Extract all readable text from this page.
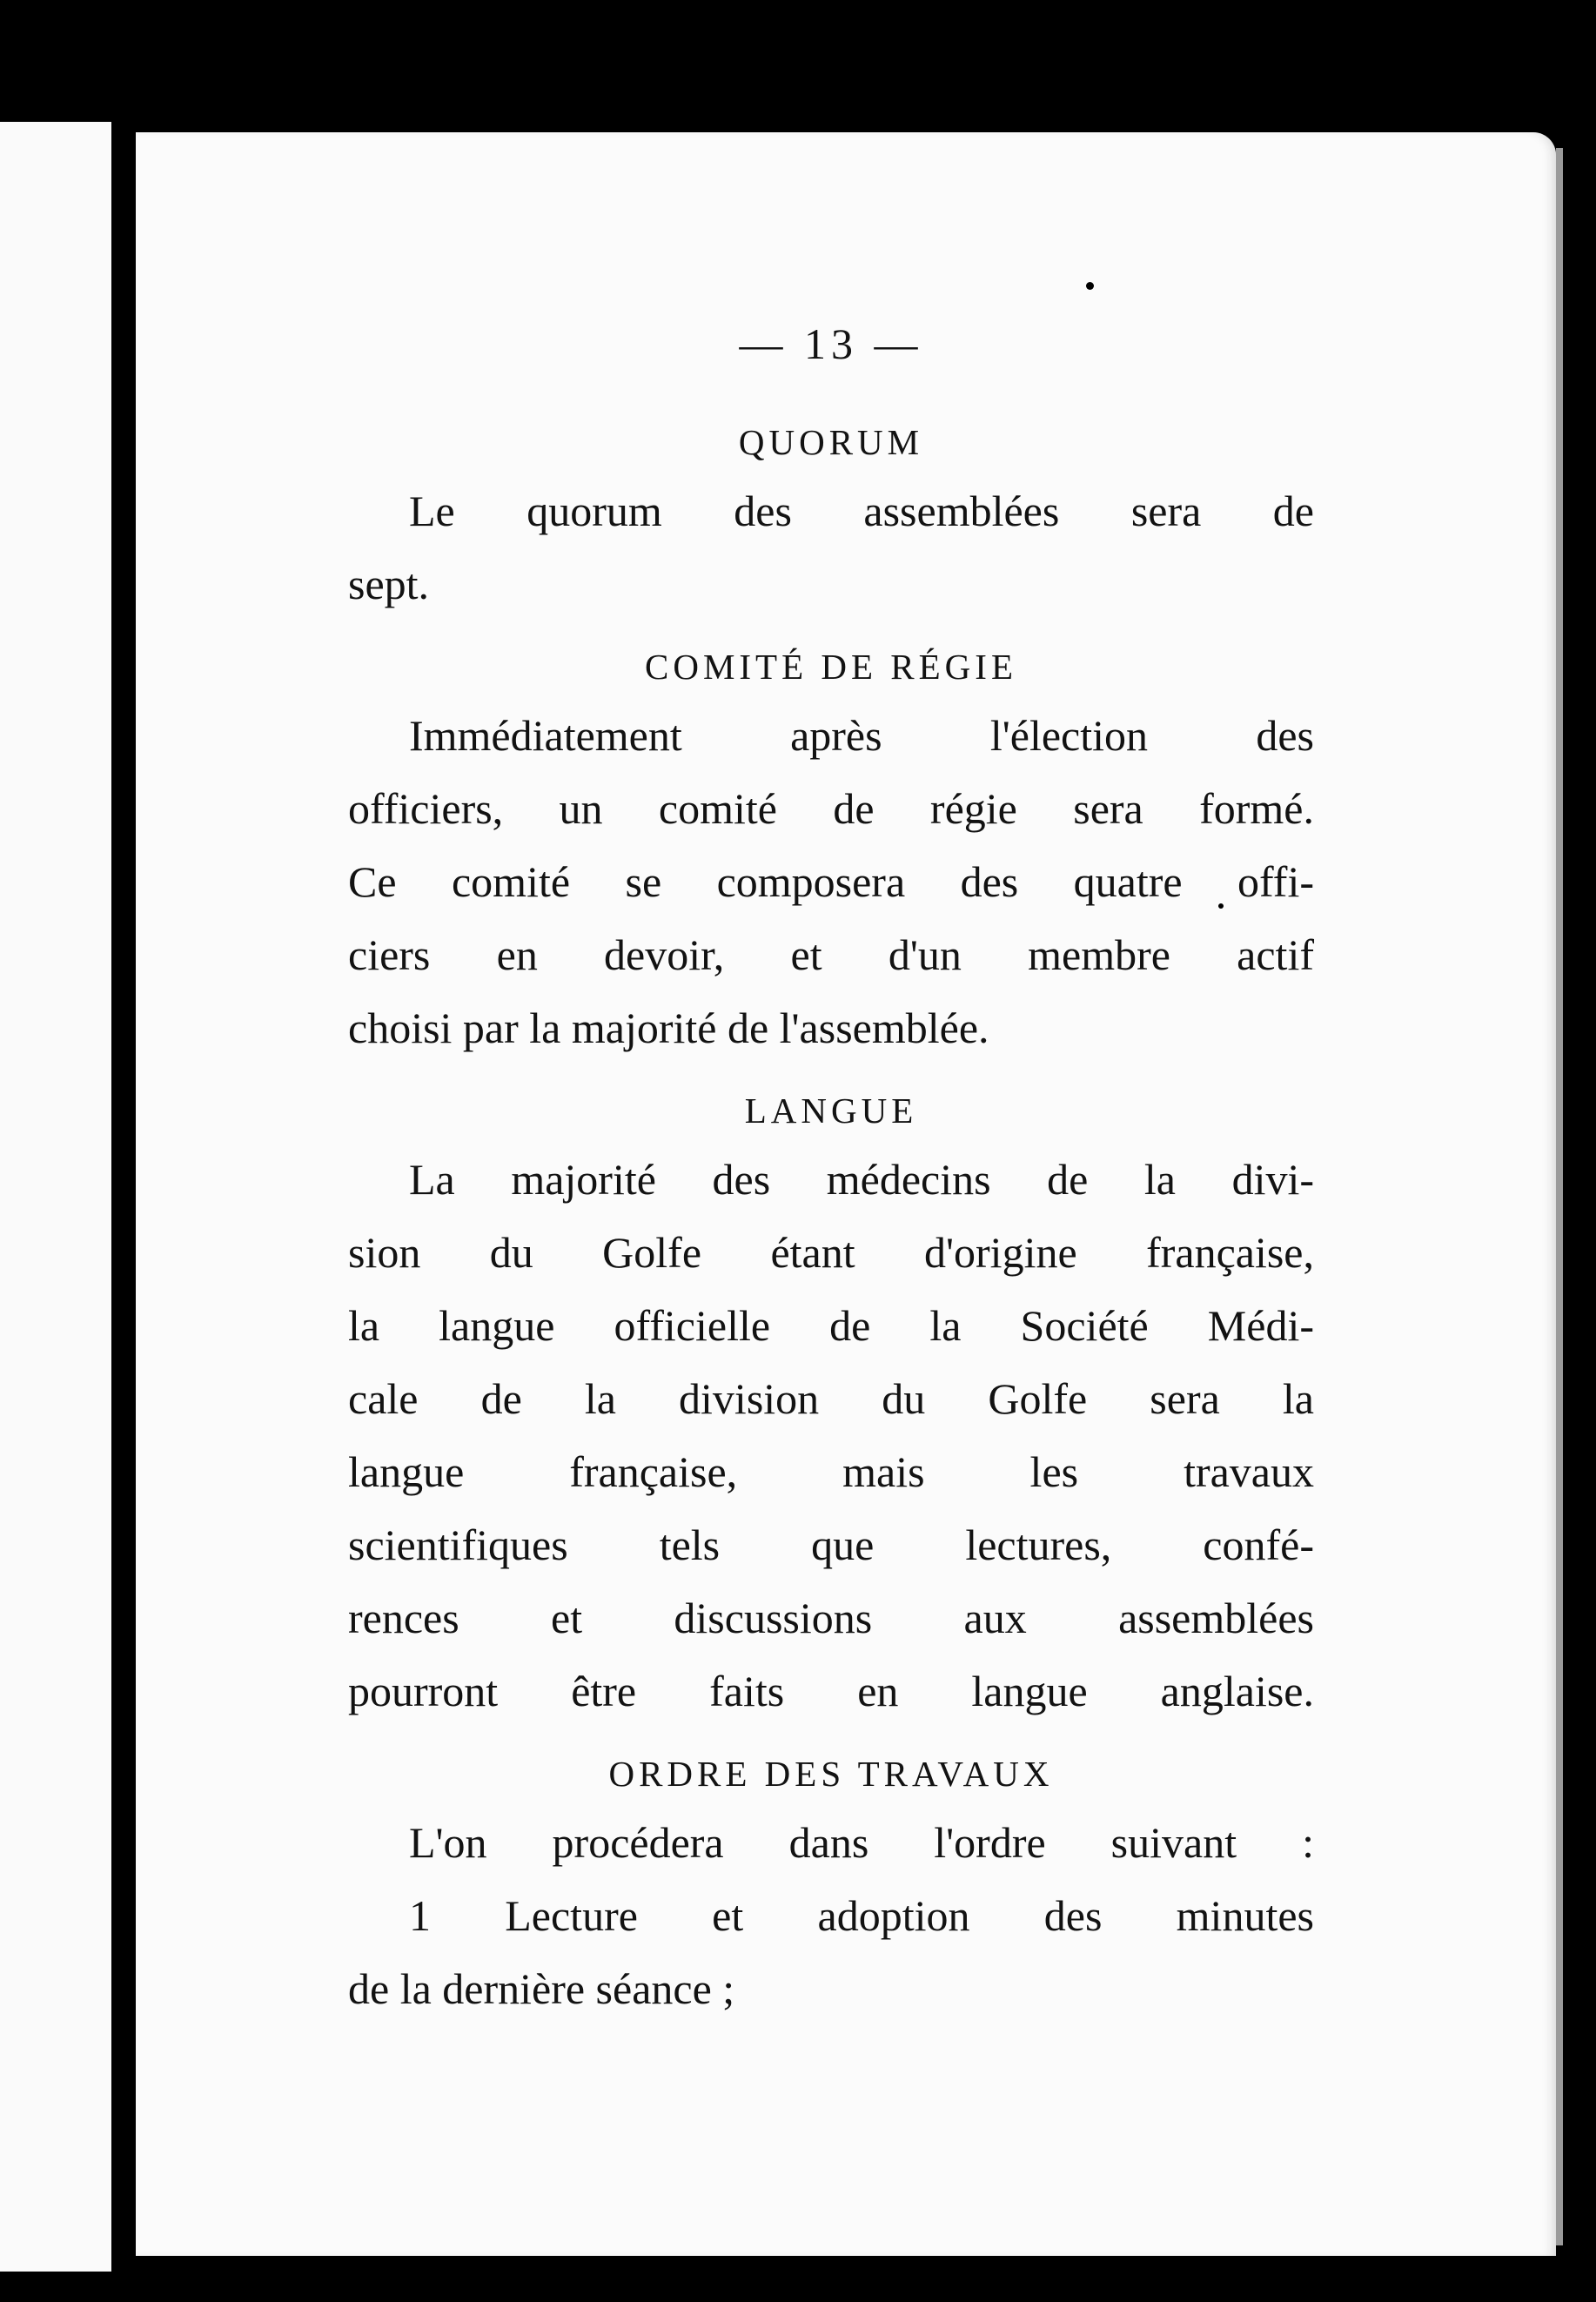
— 13 —
QUORUM
Le quorum des assemblées sera de
sept.
COMITÉ DE RÉGIE
Immédiatement après l'élection des
officiers, un comité de régie sera formé.
Ce comité se composera des quatre offi-
ciers en devoir, et d'un membre actif
choisi par la majorité de l'assemblée.
LANGUE
La majorité des médecins de la divi-
sion du Golfe étant d'origine française,
la langue officielle de la Société Médi-
cale de la division du Golfe sera la
langue française, mais les travaux
scientifiques tels que lectures, confé-
rences et discussions aux assemblées
pourront être faits en langue anglaise.
ORDRE DES TRAVAUX
L'on procédera dans l'ordre suivant :
1 Lecture et adoption des minutes
de la dernière séance ;
